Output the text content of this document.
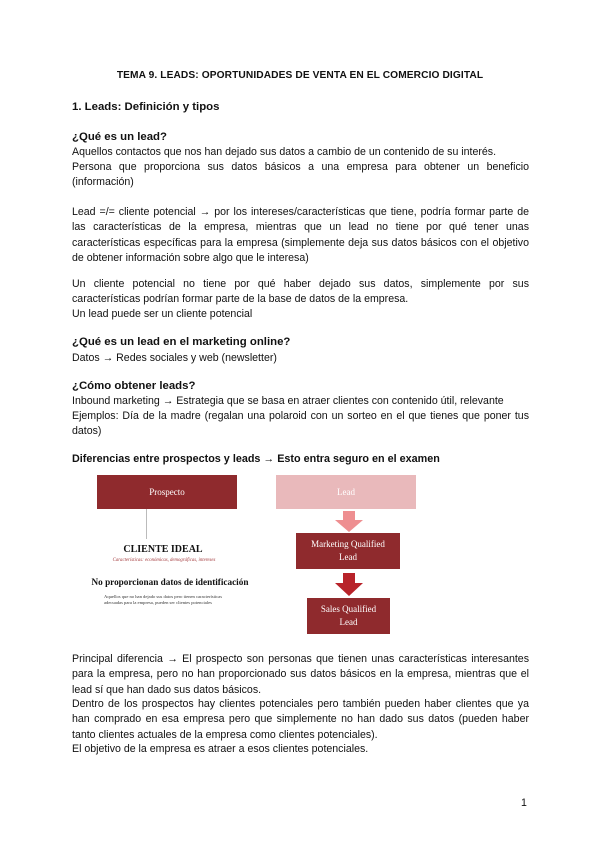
TEMA 9. LEADS: OPORTUNIDADES DE VENTA EN EL COMERCIO DIGITAL
1. Leads: Definición y tipos
¿Qué es un lead?
Aquellos contactos que nos han dejado sus datos a cambio de un contenido de su interés.
Persona que proporciona sus datos básicos a una empresa para obtener un beneficio (información)
Lead =/= cliente potencial → por los intereses/características que tiene, podría formar parte de las características de la empresa, mientras que un lead no tiene por qué tener unas características específicas para la empresa (simplemente deja sus datos básicos con el objetivo de obtener información sobre algo que le interesa)
Un cliente potencial no tiene por qué haber dejado sus datos, simplemente por sus características podrían formar parte de la base de datos de la empresa.
Un lead puede ser un cliente potencial
¿Qué es un lead en el marketing online?
Datos → Redes sociales y web (newsletter)
¿Cómo obtener leads?
Inbound marketing → Estrategia que se basa en atraer clientes con contenido útil, relevante
Ejemplos: Día de la madre (regalan una polaroid con un sorteo en el que tienes que poner tus datos)
Diferencias entre prospectos y leads → Esto entra seguro en el examen
Prospecto	Lead
Marketing Qualified
Lead
Sales Qualified
Lead
CLIENTE IDEAL
Características: económicas, demográficas, intereses
No proporcionan datos de identificación
Aquellos que no han dejado sus datos pero tienen características adecuadas para la empresa, pueden ser clientes potenciales
Principal diferencia → El prospecto son personas que tienen unas características interesantes para la empresa, pero no han proporcionado sus datos básicos en la empresa, mientras que el lead sí que han dado sus datos básicos.
Dentro de los prospectos hay clientes potenciales pero también pueden haber clientes que ya han comprado en esa empresa pero que simplemente no han dado sus datos (pueden haber tanto clientes actuales de la empresa como clientes potenciales).
El objetivo de la empresa es atraer a esos clientes potenciales.
1
